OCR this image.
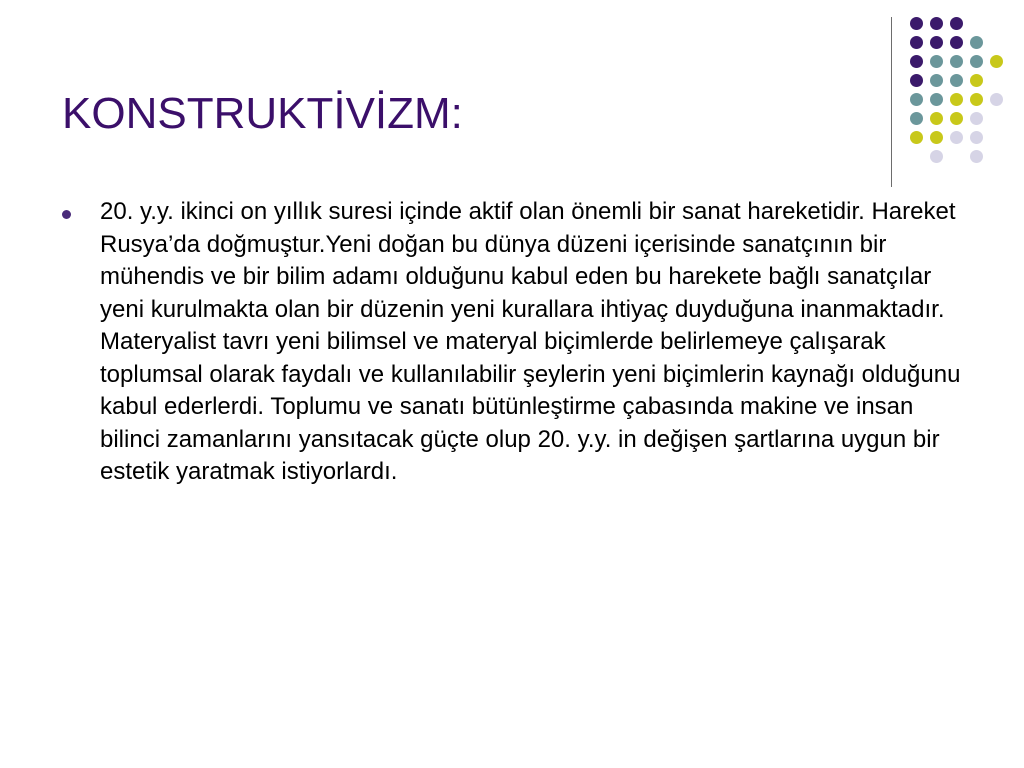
KONSTRUKTİVİZM:

20. y.y. ikinci on yıllık suresi içinde aktif olan önemli bir sanat hareketidir. Hareket Rusya’da doğmuştur.Yeni doğan bu dünya düzeni içerisinde sanatçının bir mühendis ve bir bilim adamı olduğunu kabul eden bu harekete bağlı sanatçılar yeni kurulmakta olan bir düzenin yeni kurallara ihtiyaç duyduğuna inanmaktadır. Materyalist tavrı yeni bilimsel ve materyal biçimlerde belirlemeye çalışarak toplumsal olarak faydalı ve kullanılabilir şeylerin yeni biçimlerin kaynağı olduğunu kabul ederlerdi. Toplumu ve sanatı bütünleştirme çabasında makine ve insan bilinci zamanlarını yansıtacak güçte olup 20. y.y. in değişen şartlarına uygun bir estetik yaratmak istiyorlardı.
